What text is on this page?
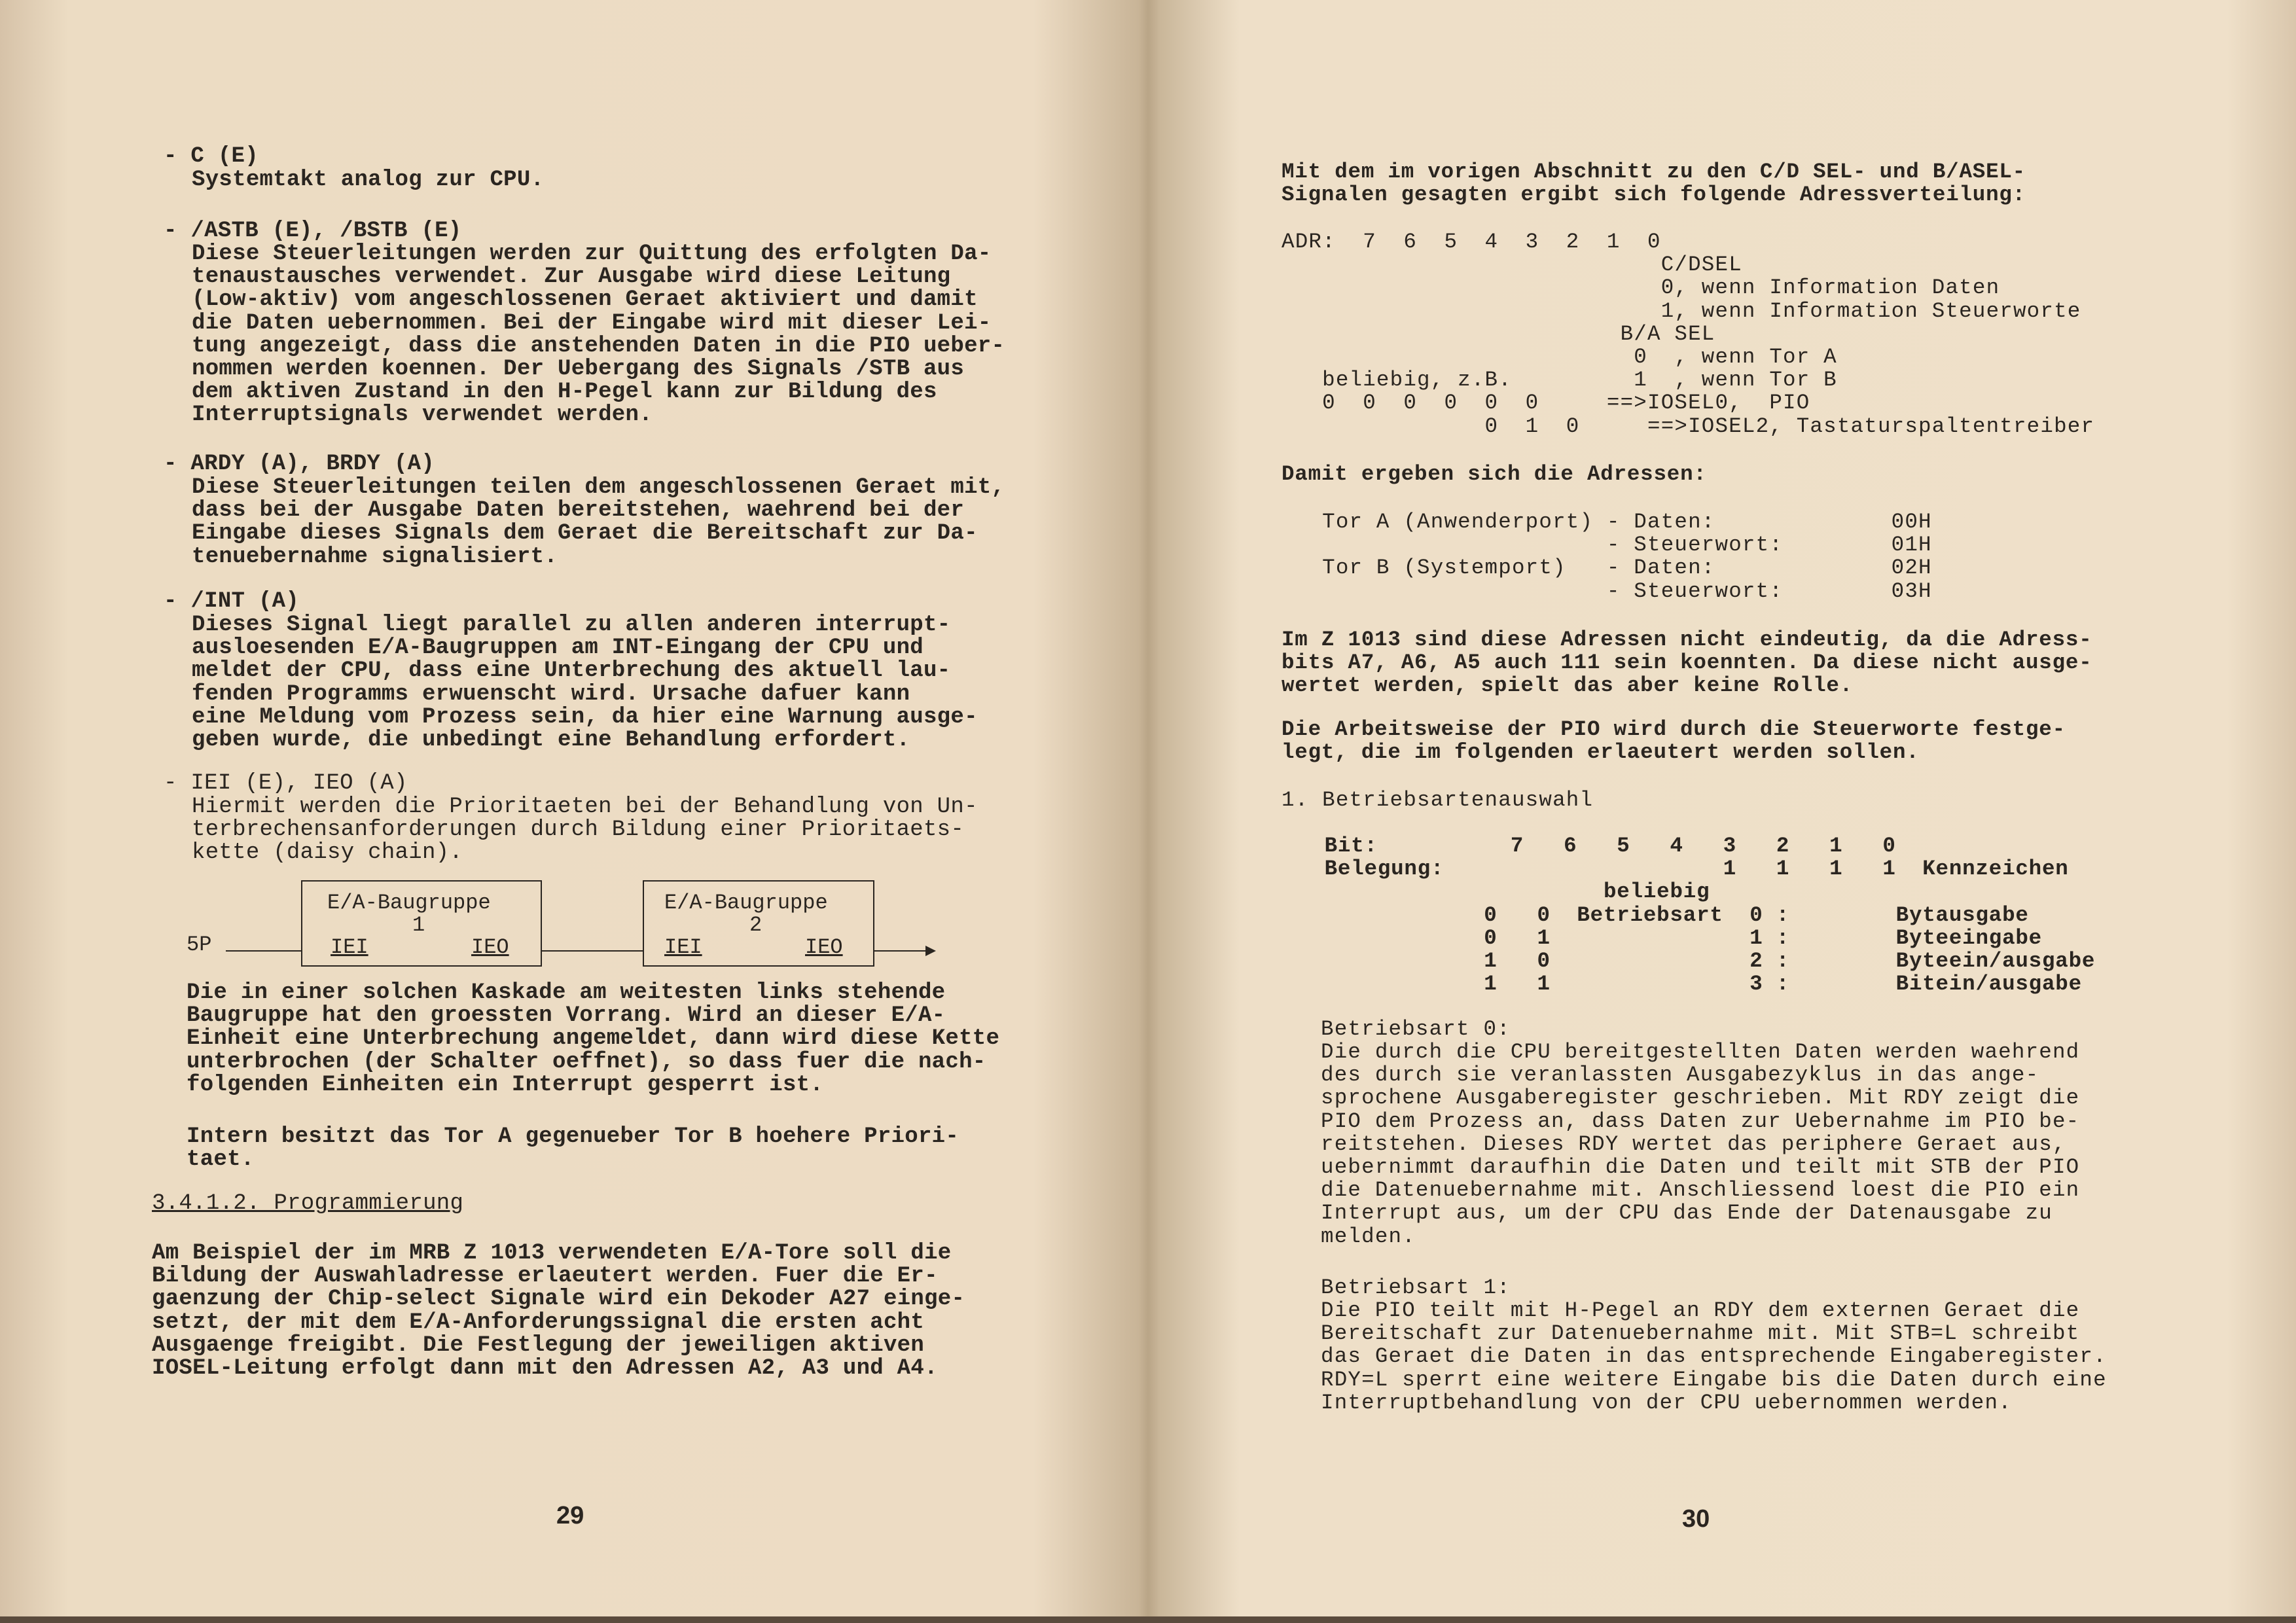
- C (E)
Systemtakt analog zur CPU.
- /ASTB (E), /BSTB (E)
Diese Steuerleitungen werden zur Quittung des erfolgten Da-
tenaustausches verwendet. Zur Ausgabe wird diese Leitung
(Low-aktiv) vom angeschlossenen Geraet aktiviert und damit
die Daten uebernommen. Bei der Eingabe wird mit dieser Lei-
tung angezeigt, dass die anstehenden Daten in die PIO ueber-
nommen werden koennen. Der Uebergang des Signals /STB aus
dem aktiven Zustand in den H-Pegel kann zur Bildung des
Interruptsignals verwendet werden.
- ARDY (A), BRDY (A)
Diese Steuerleitungen teilen dem angeschlossenen Geraet mit,
dass bei der Ausgabe Daten bereitstehen, waehrend bei der
Eingabe dieses Signals dem Geraet die Bereitschaft zur Da-
tenuebernahme signalisiert.
- /INT (A)
Dieses Signal liegt parallel zu allen anderen interrupt-
ausloesenden E/A-Baugruppen am INT-Eingang der CPU und
meldet der CPU, dass eine Unterbrechung des aktuell lau-
fenden Programms erwuenscht wird. Ursache dafuer kann
eine Meldung vom Prozess sein, da hier eine Warnung ausge-
geben wurde, die unbedingt eine Behandlung erfordert.
- IEI (E), IEO (A)
Hiermit werden die Prioritaeten bei der Behandlung von Un-
terbrechensanforderungen durch Bildung einer Prioritaets-
kette (daisy chain).
5P
E/A-Baugruppe
1
IEI	IEO
E/A-Baugruppe
2
IEI	IEO
Die in einer solchen Kaskade am weitesten links stehende
Baugruppe hat den groessten Vorrang. Wird an dieser E/A-
Einheit eine Unterbrechung angemeldet, dann wird diese Kette
unterbrochen (der Schalter oeffnet), so dass fuer die nach-
folgenden Einheiten ein Interrupt gesperrt ist.
Intern besitzt das Tor A gegenueber Tor B hoehere Priori-
taet.
3.4.1.2. Programmierung
Am Beispiel der im MRB Z 1013 verwendeten E/A-Tore soll die
Bildung der Auswahladresse erlaeutert werden. Fuer die Er-
gaenzung der Chip-select Signale wird ein Dekoder A27 einge-
setzt, der mit dem E/A-Anforderungssignal die ersten acht
Ausgaenge freigibt. Die Festlegung der jeweiligen aktiven
IOSEL-Leitung erfolgt dann mit den Adressen A2, A3 und A4.
29
Mit dem im vorigen Abschnitt zu den C/D SEL- und B/ASEL-
Signalen gesagten ergibt sich folgende Adressverteilung:
ADR:  7  6  5  4  3  2  1  0
C/DSEL
0, wenn Information Daten
1, wenn Information Steuerworte
B/A SEL
0  , wenn Tor A
beliebig, z.B.         1  , wenn Tor B
0  0  0  0  0  0     ==>IOSEL0,  PIO
0  1  0     ==>IOSEL2, Tastaturspaltentreiber
Damit ergeben sich die Adressen:
Tor A (Anwenderport) - Daten:             00H
- Steuerwort:        01H
Tor B (Systemport)   - Daten:             02H
- Steuerwort:        03H
Im Z 1013 sind diese Adressen nicht eindeutig, da die Adress-
bits A7, A6, A5 auch 111 sein koennten. Da diese nicht ausge-
wertet werden, spielt das aber keine Rolle.
Die Arbeitsweise der PIO wird durch die Steuerworte festge-
legt, die im folgenden erlaeutert werden sollen.
1. Betriebsartenauswahl
Bit:          7   6   5   4   3   2   1   0
Belegung:                     1   1   1   1  Kennzeichen
beliebig
0   0  Betriebsart  0 :        Bytausgabe
0   1               1 :        Byteeingabe
1   0               2 :        Byteein/ausgabe
1   1               3 :        Bitein/ausgabe
Betriebsart 0:
Die durch die CPU bereitgestellten Daten werden waehrend
des durch sie veranlassten Ausgabezyklus in das ange-
sprochene Ausgaberegister geschrieben. Mit RDY zeigt die
PIO dem Prozess an, dass Daten zur Uebernahme im PIO be-
reitstehen. Dieses RDY wertet das periphere Geraet aus,
uebernimmt daraufhin die Daten und teilt mit STB der PIO
die Datenuebernahme mit. Anschliessend loest die PIO ein
Interrupt aus, um der CPU das Ende der Datenausgabe zu
melden.
Betriebsart 1:
Die PIO teilt mit H-Pegel an RDY dem externen Geraet die
Bereitschaft zur Datenuebernahme mit. Mit STB=L schreibt
das Geraet die Daten in das entsprechende Eingaberegister.
RDY=L sperrt eine weitere Eingabe bis die Daten durch eine
Interruptbehandlung von der CPU uebernommen werden.
30
